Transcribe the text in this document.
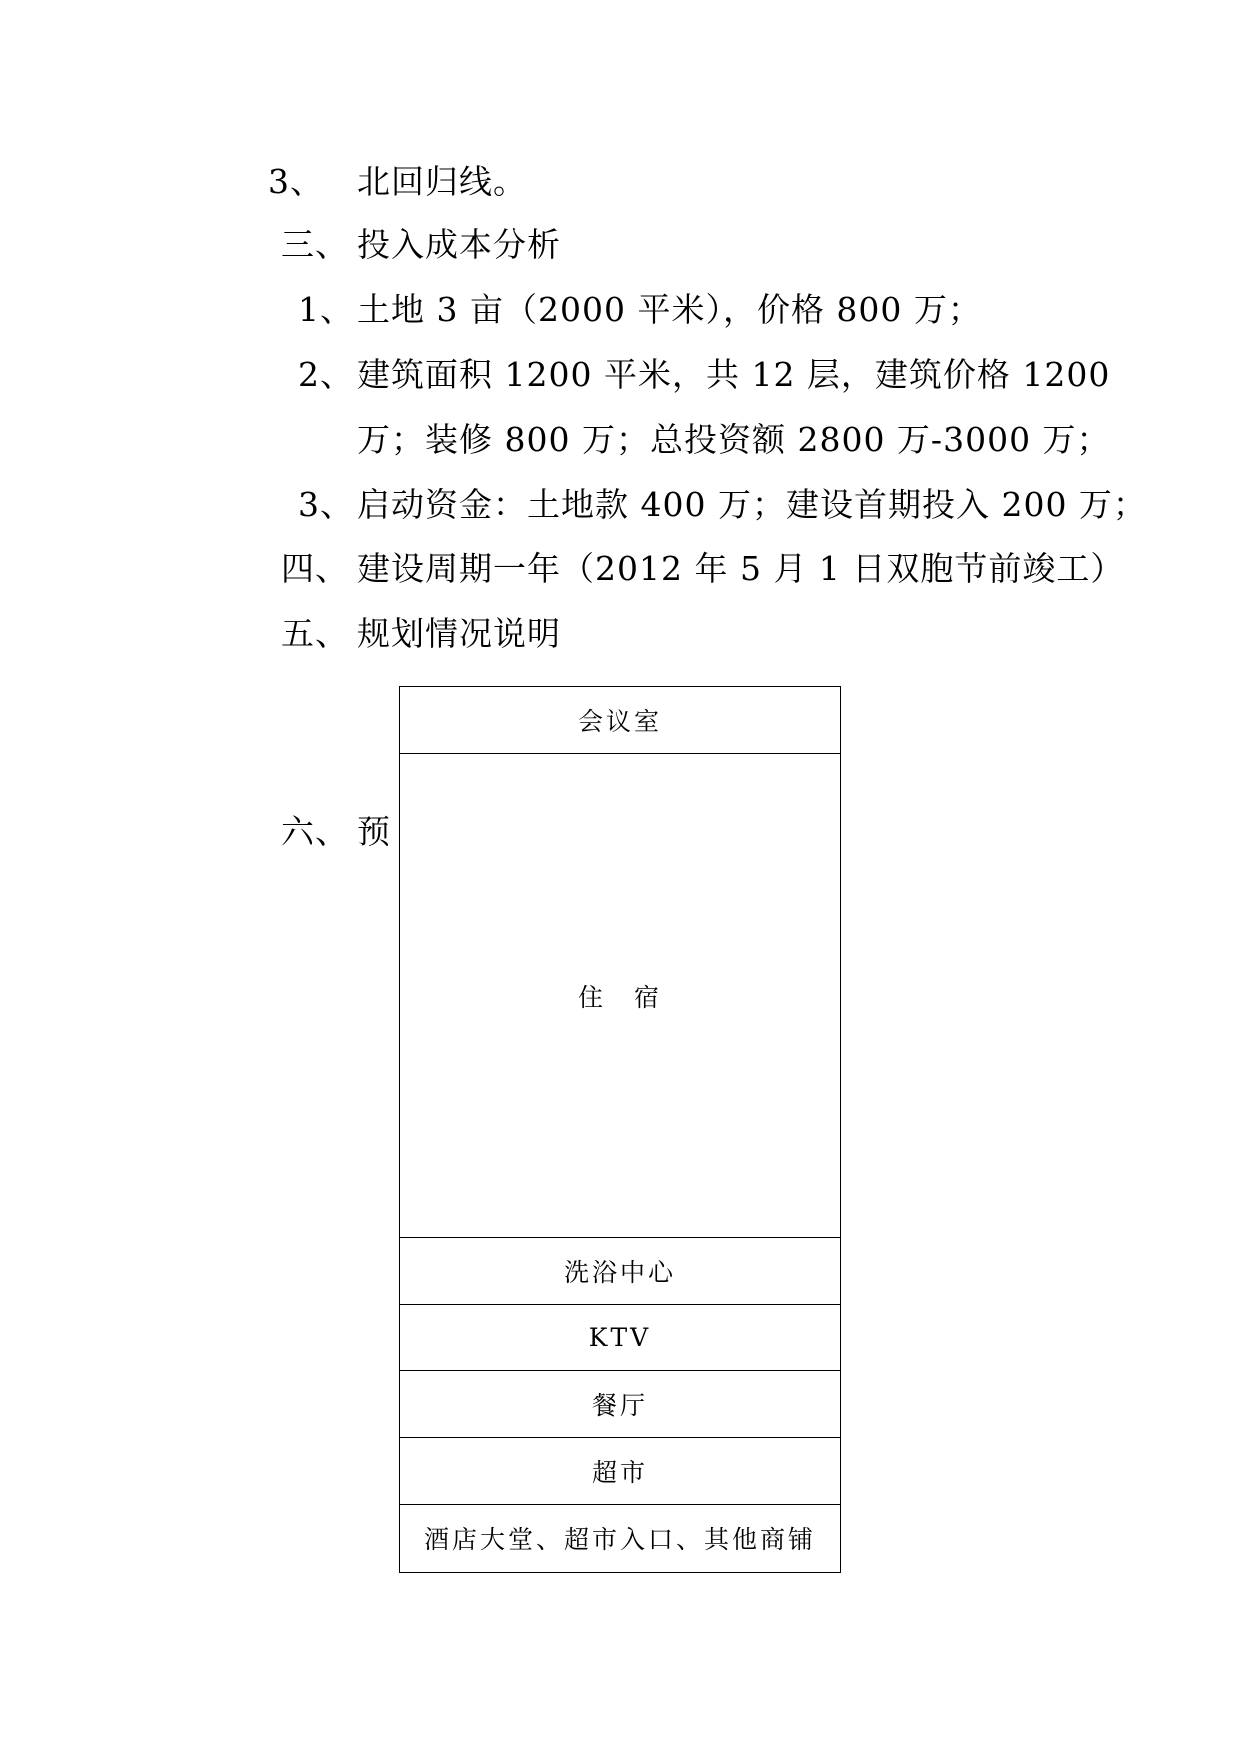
3、 北回归线。
三、 投入成本分析
1、 土地 3 亩（2000 平米），价格 800 万；
2、 建筑面积 1200 平米，共 12 层，建筑价格 1200
万；装修 800 万；总投资额 2800 万-3000 万；
3、 启动资金：土地款 400 万；建设首期投入 200 万；
四、 建设周期一年（2012 年 5 月 1 日双胞节前竣工）
五、 规划情况说明
六、 预
会议室
住　宿
洗浴中心
KTV
餐厅
超市
酒店大堂、超市入口、其他商铺
